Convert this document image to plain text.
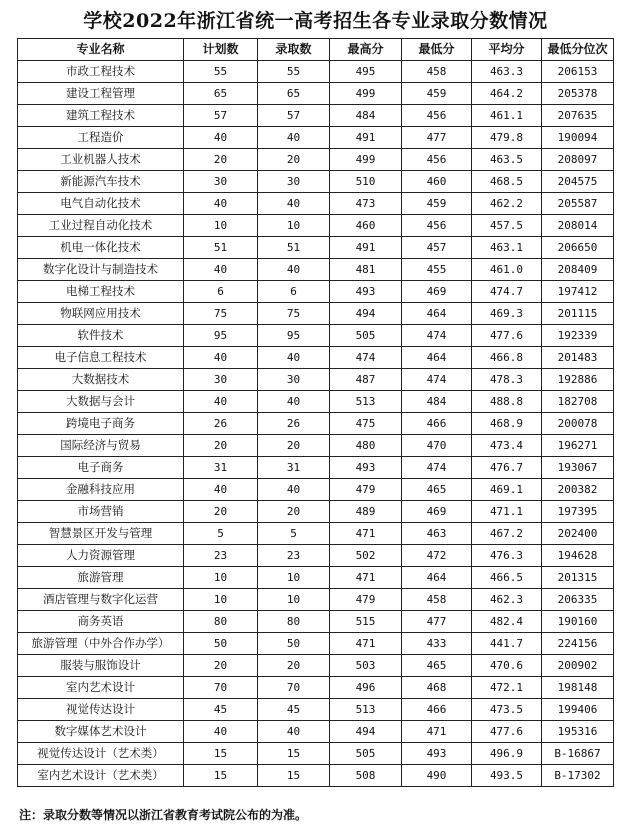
学校2022年浙江省统一高考招生各专业录取分数情况
专业名称	计划数	录取数	最高分	最低分	平均分	最低分位次
市政工程技术	55	55	495	458	463.3	206153
建设工程管理	65	65	499	459	464.2	205378
建筑工程技术	57	57	484	456	461.1	207635
工程造价	40	40	491	477	479.8	190094
工业机器人技术	20	20	499	456	463.5	208097
新能源汽车技术	30	30	510	460	468.5	204575
电气自动化技术	40	40	473	459	462.2	205587
工业过程自动化技术	10	10	460	456	457.5	208014
机电一体化技术	51	51	491	457	463.1	206650
数字化设计与制造技术	40	40	481	455	461.0	208409
电梯工程技术	6	6	493	469	474.7	197412
物联网应用技术	75	75	494	464	469.3	201115
软件技术	95	95	505	474	477.6	192339
电子信息工程技术	40	40	474	464	466.8	201483
大数据技术	30	30	487	474	478.3	192886
大数据与会计	40	40	513	484	488.8	182708
跨境电子商务	26	26	475	466	468.9	200078
国际经济与贸易	20	20	480	470	473.4	196271
电子商务	31	31	493	474	476.7	193067
金融科技应用	40	40	479	465	469.1	200382
市场营销	20	20	489	469	471.1	197395
智慧景区开发与管理	5	5	471	463	467.2	202400
人力资源管理	23	23	502	472	476.3	194628
旅游管理	10	10	471	464	466.5	201315
酒店管理与数字化运营	10	10	479	458	462.3	206335
商务英语	80	80	515	477	482.4	190160
旅游管理（中外合作办学）	50	50	471	433	441.7	224156
服装与服饰设计	20	20	503	465	470.6	200902
室内艺术设计	70	70	496	468	472.1	198148
视觉传达设计	45	45	513	466	473.5	199406
数字媒体艺术设计	40	40	494	471	477.6	195316
视觉传达设计（艺术类）	15	15	505	493	496.9	B-16867
室内艺术设计（艺术类）	15	15	508	490	493.5	B-17302
注：录取分数等情况以浙江省教育考试院公布的为准。
